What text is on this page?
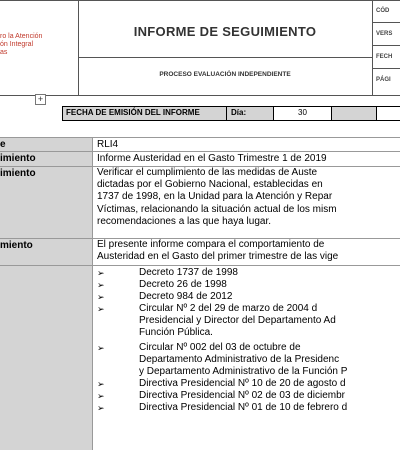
ro la Atención
ón Integral
as
INFORME DE SEGUIMIENTO
PROCESO EVALUACIÓN INDEPENDIENTE
CÓD
VERS
FECH
PÁGI
+
FECHA DE EMISIÓN DEL INFORME	Día:	30
e	RLI4
imiento	Informe Austeridad en el Gasto Trimestre 1 de 2019
imiento	Verificar el cumplimiento de las medidas de Auste
dictadas por el Gobierno Nacional, establecidas en
1737 de 1998, en la Unidad para la Atención y Repar
Víctimas, relacionando la situación actual de los mism
recomendaciones a las que haya lugar.
miento	El presente informe compara el comportamiento de
Austeridad en el Gasto del primer trimestre de las vige
➢	Decreto 1737 de 1998
➢	Decreto 26 de 1998
➢	Decreto 984 de 2012
➢	Circular Nº 2 del 29 de marzo de 2004 d
Presidencial y Director del Departamento Ad
Función Pública.
➢	Circular Nº 002 del 03 de octubre de
Departamento Administrativo de la Presidenc
y Departamento Administrativo de la Función P
➢	Directiva Presidencial Nº 10 de 20 de agosto d
➢	Directiva Presidencial Nº 02 de 03 de diciembr
➢	Directiva Presidencial Nº 01 de 10 de febrero d
